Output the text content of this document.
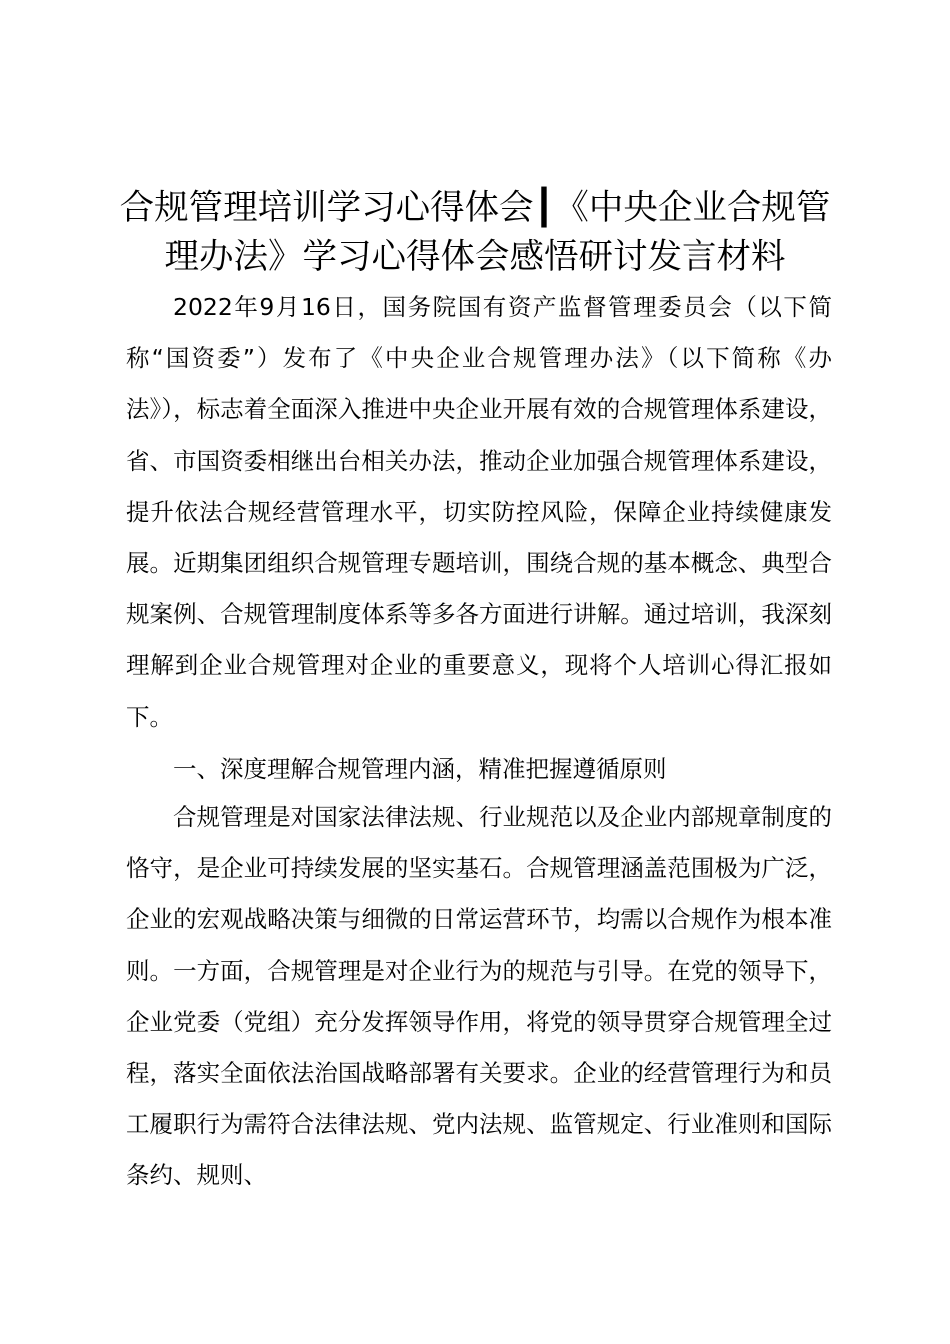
合规管理培训学习心得体会┃《中央企业合规管理办法》学习心得体会感悟研讨发言材料

2022年9月16日，国务院国有资产监督管理委员会（以下简称“国资委”）发布了《中央企业合规管理办法》（以下简称《办法》），标志着全面深入推进中央企业开展有效的合规管理体系建设，省、市国资委相继出台相关办法，推动企业加强合规管理体系建设，提升依法合规经营管理水平，切实防控风险，保障企业持续健康发展。近期集团组织合规管理专题培训，围绕合规的基本概念、典型合规案例、合规管理制度体系等多各方面进行讲解。通过培训，我深刻理解到企业合规管理对企业的重要意义，现将个人培训心得汇报如下。

一、深度理解合规管理内涵，精准把握遵循原则

合规管理是对国家法律法规、行业规范以及企业内部规章制度的恪守，是企业可持续发展的坚实基石。合规管理涵盖范围极为广泛，企业的宏观战略决策与细微的日常运营环节，均需以合规作为根本准则。一方面，合规管理是对企业行为的规范与引导。在党的领导下，企业党委（党组）充分发挥领导作用，将党的领导贯穿合规管理全过程，落实全面依法治国战略部署有关要求。企业的经营管理行为和员工履职行为需符合法律法规、党内法规、监管规定、行业准则和国际条约、规则、
